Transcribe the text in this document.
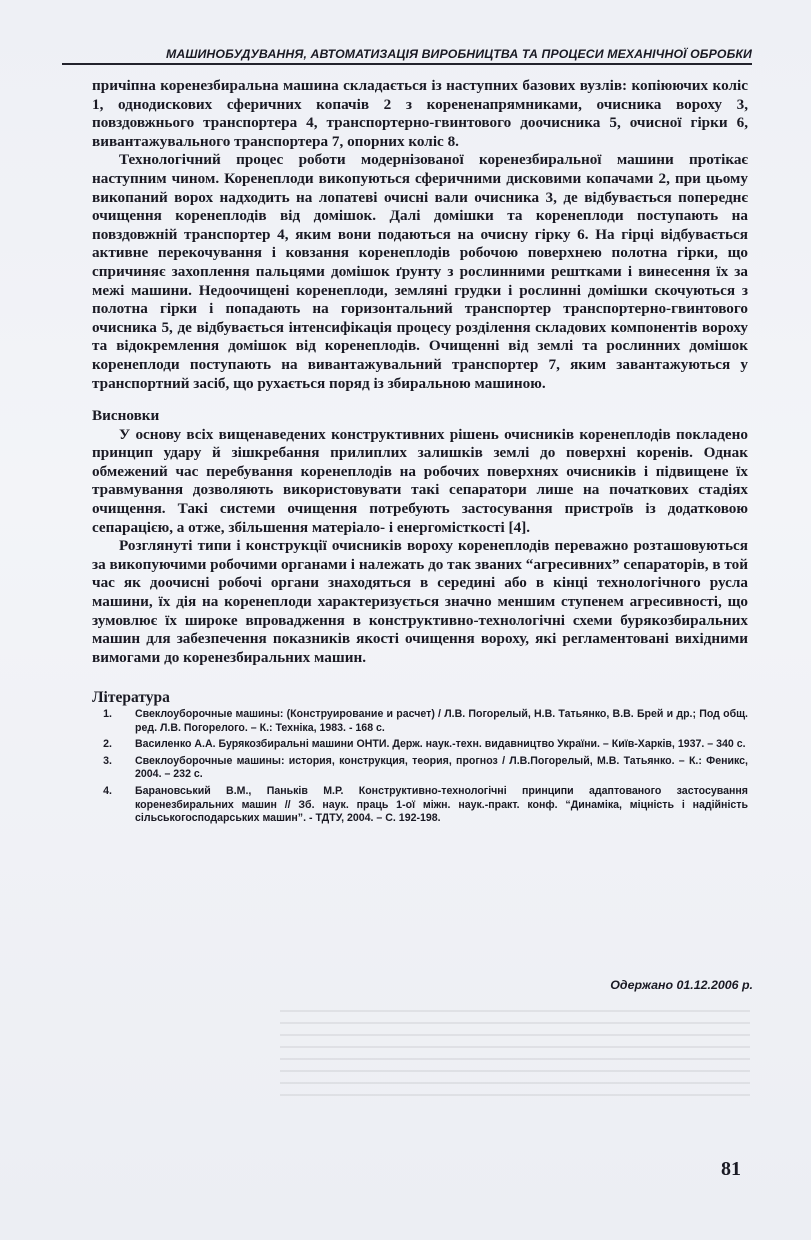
МАШИНОБУДУВАННЯ, АВТОМАТИЗАЦІЯ ВИРОБНИЦТВА ТА ПРОЦЕСИ МЕХАНІЧНОЇ ОБРОБКИ

причіпна коренезбиральна машина складається із наступних базових вузлів: копіюючих коліс 1, однодискових сферичних копачів 2 з корененапрямниками, очисника вороху 3, повздовжнього транспортера 4, транспортерно-гвинтового доочисника 5, очисної гірки 6, вивантажувального транспортера 7, опорних коліс 8.

Технологічний процес роботи модернізованої коренезбиральної машини протікає наступним чином. Коренеплоди викопуються сферичними дисковими копачами 2, при цьому викопаний ворох надходить на лопатеві очисні вали очисника 3, де відбувається попереднє очищення коренеплодів від домішок. Далі домішки та коренеплоди поступають на повздовжній транспортер 4, яким вони подаються на очисну гірку 6. На гірці відбувається активне перекочування і ковзання коренеплодів робочою поверхнею полотна гірки, що спричиняє захоплення пальцями домішок ґрунту з рослинними рештками і винесення їх за межі машини. Недоочищені коренеплоди, земляні грудки і рослинні домішки скочуються з полотна гірки і попадають на горизонтальний транспортер транспортерно-гвинтового очисника 5, де відбувається інтенсифікація процесу розділення складових компонентів вороху та відокремлення домішок від коренеплодів. Очищенні від землі та рослинних домішок коренеплоди поступають на вивантажувальний транспортер 7, яким завантажуються у транспортний засіб, що рухається поряд із збиральною машиною.

Висновки

У основу всіх вищенаведених конструктивних рішень очисників коренеплодів покладено принцип удару й зішкребання прилиплих залишків землі до поверхні коренів. Однак обмежений час перебування коренеплодів на робочих поверхнях очисників і підвищене їх травмування дозволяють використовувати такі сепаратори лише на початкових стадіях очищення. Такі системи очищення потребують застосування пристроїв із додатковою сепарацією, а отже, збільшення матеріало- і енергомісткості [4].

Розглянуті типи і конструкції очисників вороху коренеплодів переважно розташовуються за викопуючими робочими органами і належать до так званих “агресивних” сепараторів, в той час як доочисні робочі органи знаходяться в середині або в кінці технологічного русла машини, їх дія на коренеплоди характеризується значно меншим ступенем агресивності, що зумовлює їх широке впровадження в конструктивно-технологічні схеми бурякозбиральних машин для забезпечення показників якості очищення вороху, які регламентовані вихідними вимогами до коренезбиральних машин.

Література

1. Свеклоуборочные машины: (Конструирование и расчет) / Л.В. Погорелый, Н.В. Татьянко, В.В. Брей и др.; Под общ. ред. Л.В. Погорелого. – К.: Техніка, 1983. - 168 с.
2. Василенко А.А. Бурякозбиральні машини ОНТИ. Держ. наук.-техн. видавництво України. – Київ-Харків, 1937. – 340 с.
3. Свеклоуборочные машины: история, конструкция, теория, прогноз / Л.В.Погорелый, М.В. Татьянко. – К.: Феникс, 2004. – 232 с.
4. Барановський В.М., Паньків М.Р. Конструктивно-технологічні принципи адаптованого застосування коренезбиральних машин // Зб. наук. праць 1-ої міжн. наук.-практ. конф. “Динаміка, міцність і надійність сільськогосподарських машин”. - ТДТУ, 2004. – С. 192-198.
Одержано 01.12.2006 р.
81
